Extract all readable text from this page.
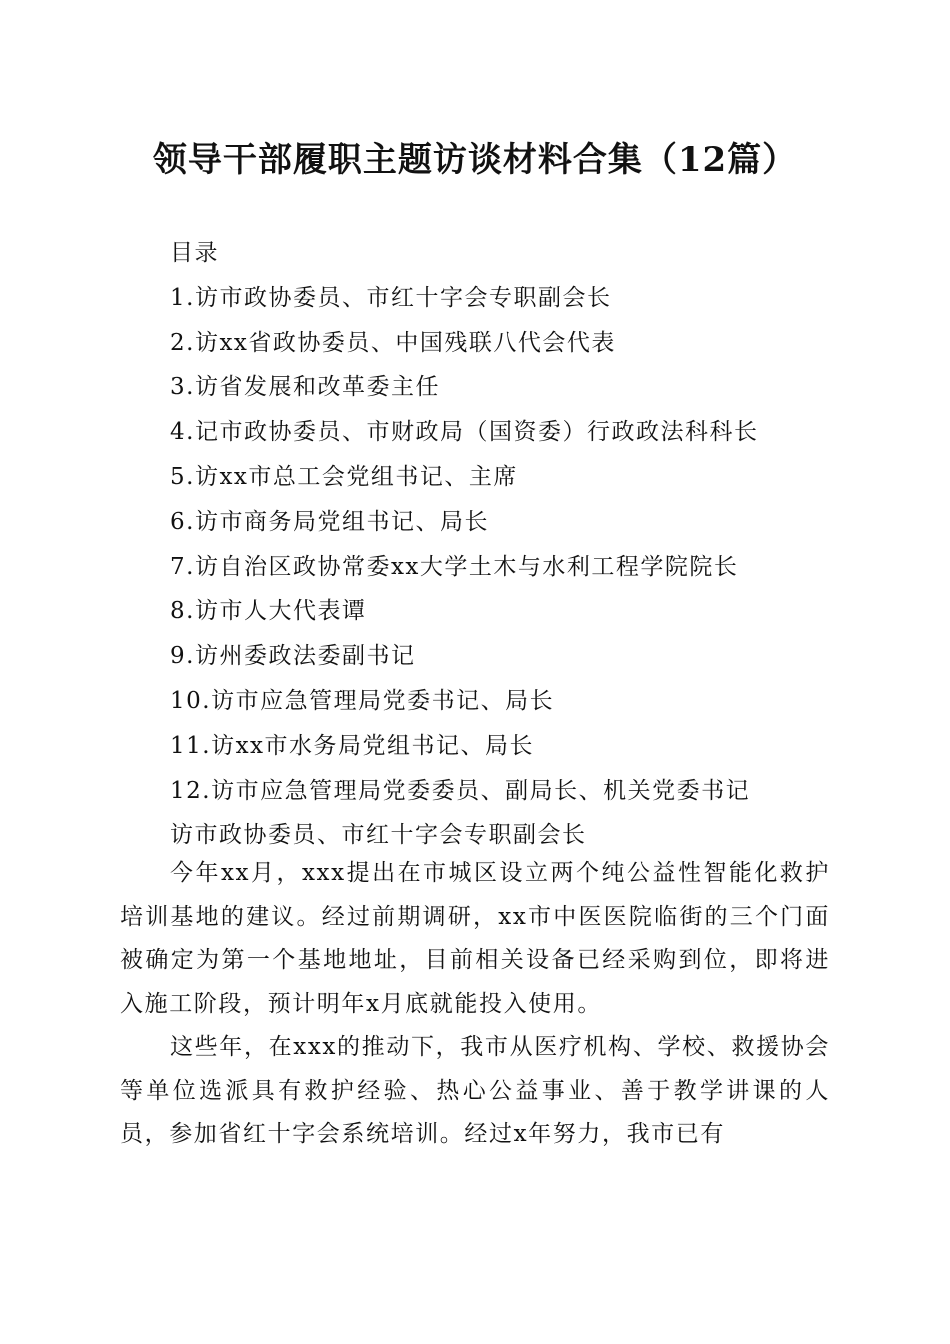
领导干部履职主题访谈材料合集（12篇）
目录
1.访市政协委员、市红十字会专职副会长
2.访xx省政协委员、中国残联八代会代表
3.访省发展和改革委主任
4.记市政协委员、市财政局（国资委）行政政法科科长
5.访xx市总工会党组书记、主席
6.访市商务局党组书记、局长
7.访自治区政协常委xx大学土木与水利工程学院院长
8.访市人大代表谭
9.访州委政法委副书记
10.访市应急管理局党委书记、局长
11.访xx市水务局党组书记、局长
12.访市应急管理局党委委员、副局长、机关党委书记
访市政协委员、市红十字会专职副会长

今年xx月，xxx提出在市城区设立两个纯公益性智能化救护培训基地的建议。经过前期调研，xx市中医医院临街的三个门面被确定为第一个基地地址，目前相关设备已经采购到位，即将进入施工阶段，预计明年x月底就能投入使用。

这些年，在xxx的推动下，我市从医疗机构、学校、救援协会等单位选派具有救护经验、热心公益事业、善于教学讲课的人员，参加省红十字会系统培训。经过x年努力，我市已有
